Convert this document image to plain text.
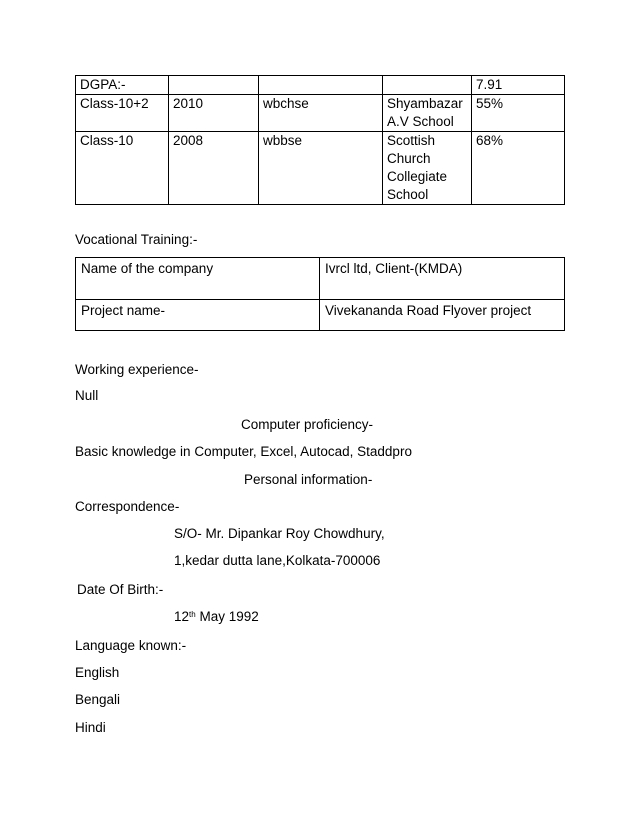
DGPA:-				7.91
Class-10+2	2010	wbchse	Shyambazar A.V School	55%
Class-10	2008	wbbse	Scottish Church Collegiate School	68%
Vocational Training:-
Name of the company	Ivrcl ltd, Client-(KMDA)
Project name-	Vivekananda Road Flyover project
Working experience-
Null
Computer proficiency-
Basic knowledge in Computer, Excel, Autocad, Staddpro
Personal information-
Correspondence-
S/O- Mr. Dipankar Roy Chowdhury,
1,kedar dutta lane,Kolkata-700006
Date Of Birth:-
12th May 1992
Language known:-
English
Bengali
Hindi
